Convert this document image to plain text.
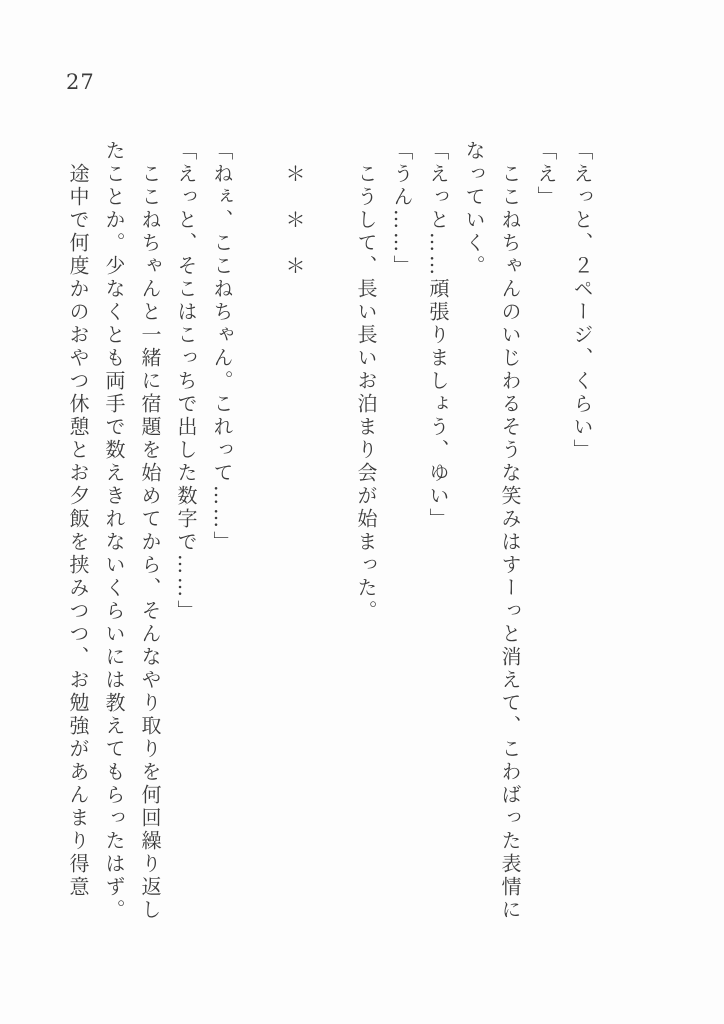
27

「えっと、２ページ、くらい」

「え」

　ここねちゃんのいじわるそうな笑みはすーっと消えて、こわばった表情に

なっていく。

「えっと……頑張りましょう、ゆい」

「うん……」

　こうして、長い長いお泊まり会が始まった。

　＊　＊　＊

「ねぇ、ここねちゃん。これって……」

「えっと、そこはこっちで出した数字で……」

　ここねちゃんと一緒に宿題を始めてから、そんなやり取りを何回繰り返し

たことか。少なくとも両手で数えきれないくらいには教えてもらったはず。

　途中で何度かのおやつ休憩とお夕飯を挟みつつ、お勉強があんまり得意
